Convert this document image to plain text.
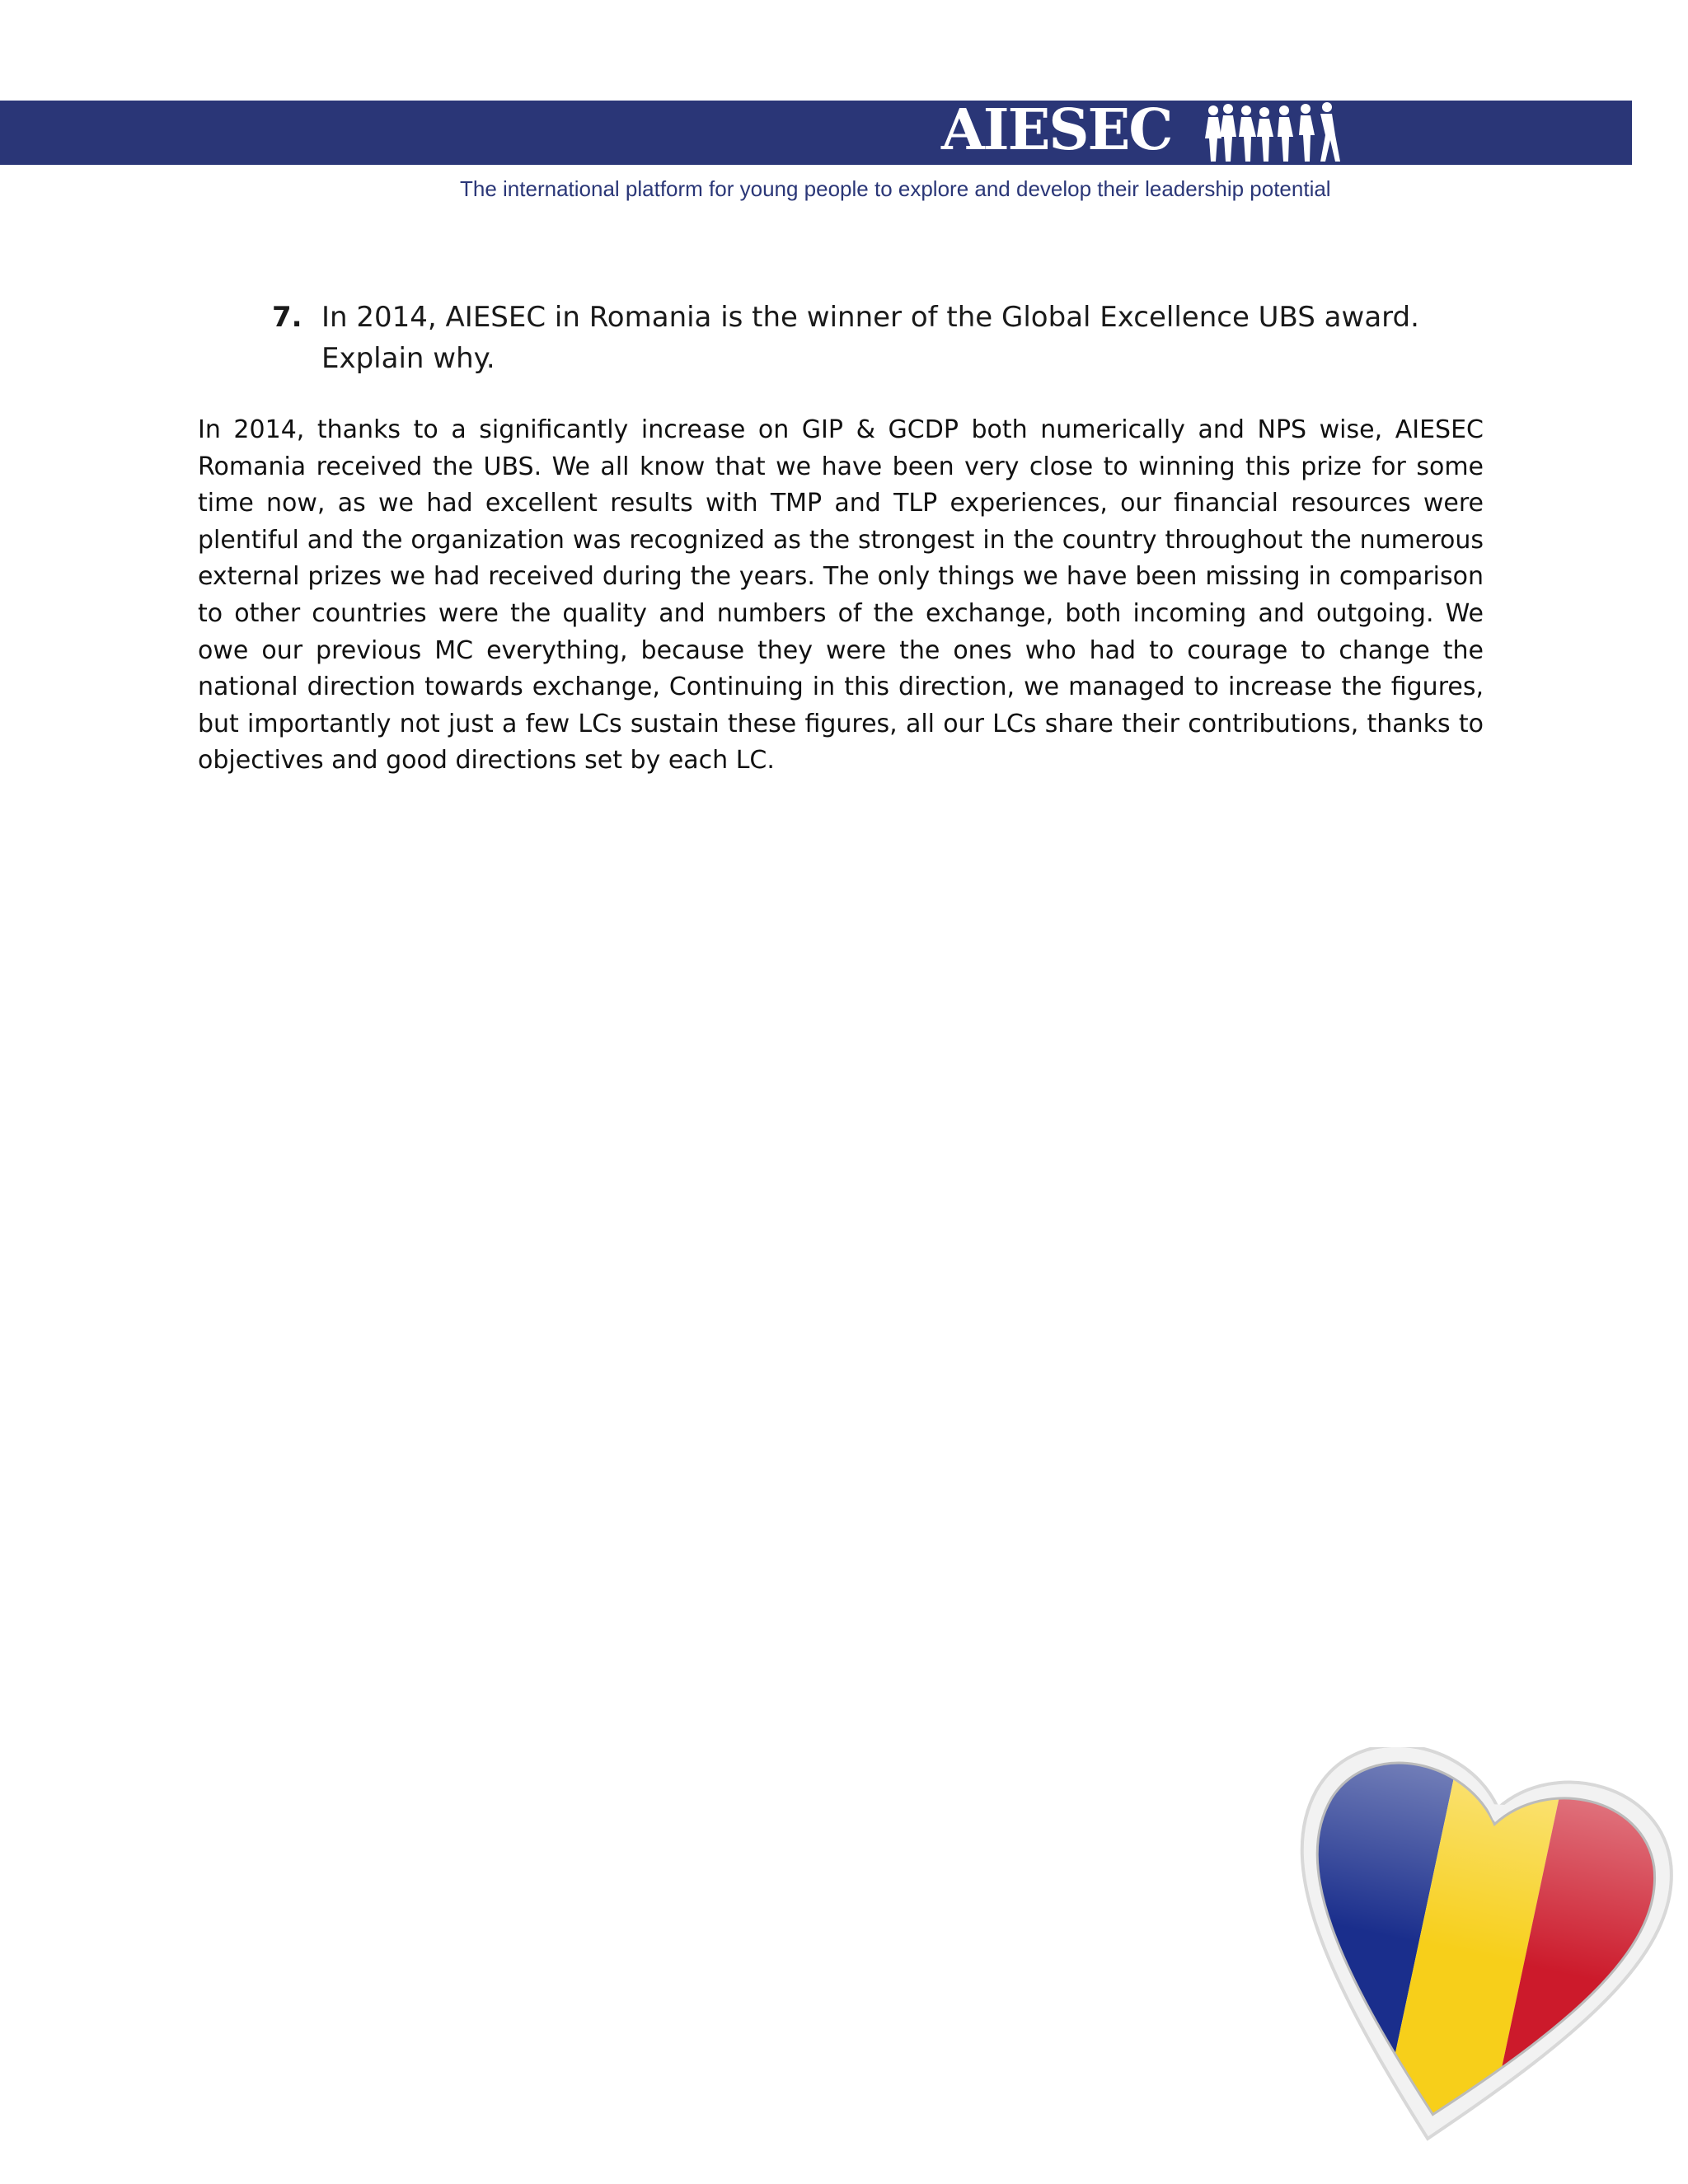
AIESEC
The international platform for young people to explore and develop their leadership potential
7. In 2014, AIESEC in Romania is the winner of the Global Excellence UBS award. Explain why.

In 2014, thanks to a significantly increase on GIP & GCDP both numerically and NPS wise, AIESEC Romania received the UBS. We all know that we have been very close to winning this prize for some time now, as we had excellent results with TMP and TLP experiences, our financial resources were plentiful and the organization was recognized as the strongest in the country throughout the numerous external prizes we had received during the years. The only things we have been missing in comparison to other countries were the quality and numbers of the exchange, both incoming and outgoing. We owe our previous MC everything, because they were the ones who had to courage to change the national direction towards exchange, Continuing in this direction, we managed to increase the figures, but importantly not just a few LCs sustain these figures, all our LCs share their contributions, thanks to objectives and good directions set by each LC.
